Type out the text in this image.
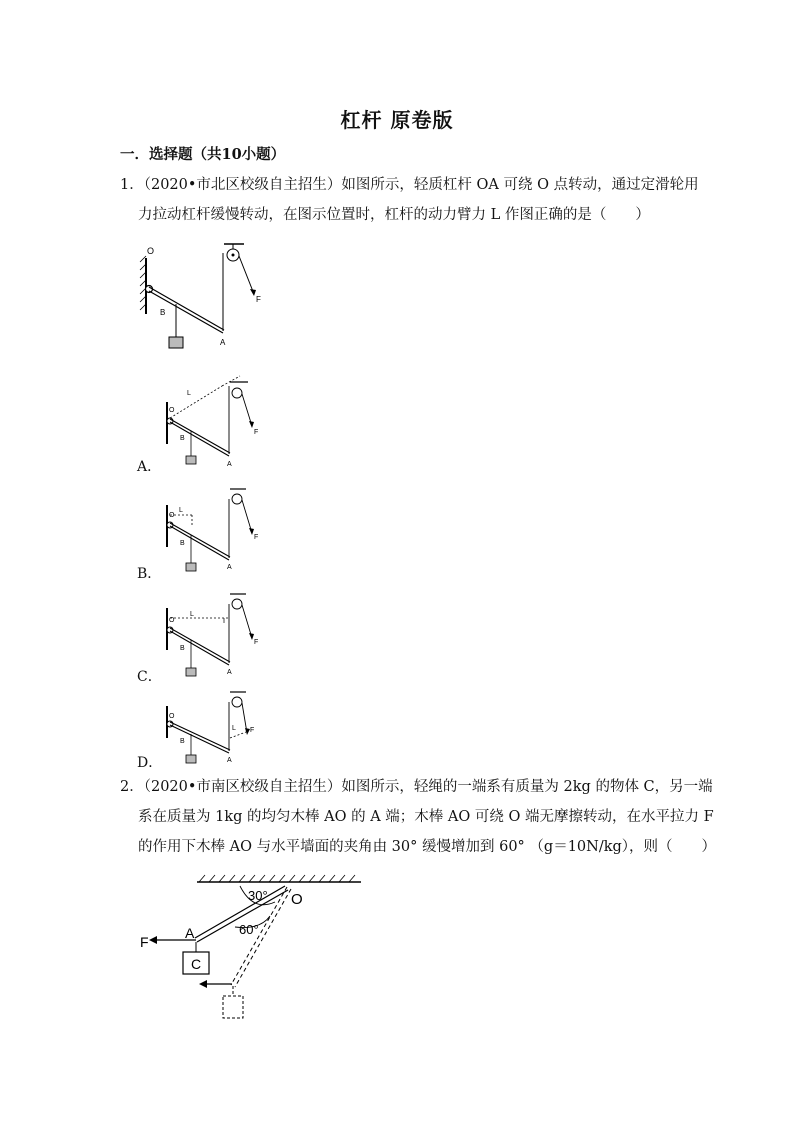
杠杆 原卷版
一．选择题（共10小题）
1．（2020•市北区校级自主招生）如图所示，轻质杠杆 OA 可绕 O 点转动，通过定滑轮用
力拉动杠杆缓慢转动，在图示位置时，杠杆的动力臂力 L 作图正确的是（　　）
O
B
A
F
A．
O
L
B
A
F
B．
O
L
B
A
F
C．
O
L
B
A
F
D．
O
L
B
A
F
2．（2020•市南区校级自主招生）如图所示，轻绳的一端系有质量为 2kg 的物体 C，另一端
系在质量为 1kg 的均匀木棒 AO 的 A 端；木棒 AO 可绕 O 端无摩擦转动，在水平拉力 F
的作用下木棒 AO 与水平墙面的夹角由 30° 缓慢增加到 60° （g＝10N/kg），则（　　）
30°
60°
O
A
F
C
